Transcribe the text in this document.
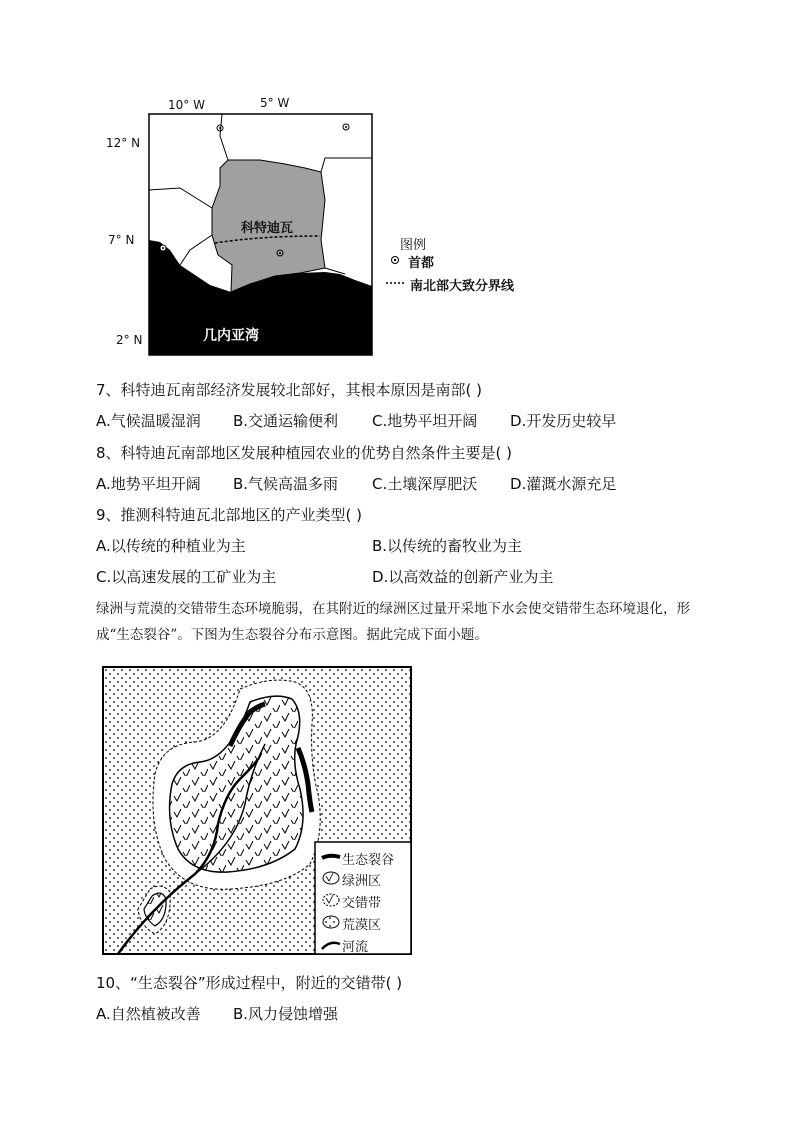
10° W	5° W
12° N
7° N
2° N
科特迪瓦
几内亚湾
图例
首都
南北部大致分界线
7、科特迪瓦南部经济发展较北部好，其根本原因是南部( )
A.气候温暖湿润 B.交通运输便利 C.地势平坦开阔 D.开发历史较早
8、科特迪瓦南部地区发展种植园农业的优势自然条件主要是( )
A.地势平坦开阔 B.气候高温多雨 C.土壤深厚肥沃 D.灌溉水源充足
9、推测科特迪瓦北部地区的产业类型( )
A.以传统的种植业为主	B.以传统的畜牧业为主
C.以高速发展的工矿业为主	D.以高效益的创新产业为主
绿洲与荒漠的交错带生态环境脆弱，在其附近的绿洲区过量开采地下水会使交错带生态环境退化，形成“生态裂谷”。下图为生态裂谷分布示意图。据此完成下面小题。
生态裂谷
绿洲区
交错带
荒漠区
河流
10、“生态裂谷”形成过程中，附近的交错带( )
A.自然植被改善 B.风力侵蚀增强
